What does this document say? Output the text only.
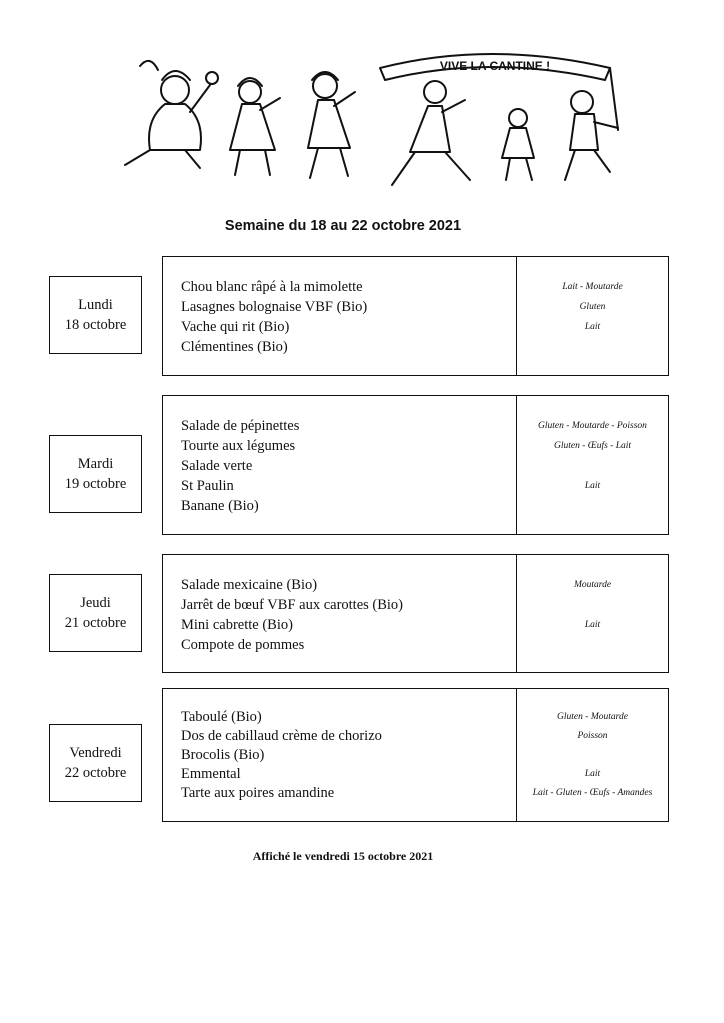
VIVE LA CANTINE !
Semaine du 18 au 22 octobre 2021
Lundi
18 octobre
Chou blanc râpé à la mimolette
Lasagnes bolognaise VBF (Bio)
Vache qui rit (Bio)
Clémentines (Bio)
Lait - Moutarde
Gluten
Lait
Mardi
19 octobre
Salade de pépinettes
Tourte aux légumes
Salade verte
St Paulin
Banane (Bio)
Gluten - Moutarde - Poisson
Gluten - Œufs - Lait
Lait
Jeudi
21 octobre
Salade mexicaine (Bio)
Jarrêt de bœuf VBF aux carottes (Bio)
Mini cabrette (Bio)
Compote de pommes
Moutarde
Lait
Vendredi
22 octobre
Taboulé (Bio)
Dos de cabillaud crème de chorizo
Brocolis (Bio)
Emmental
Tarte aux poires amandine
Gluten - Moutarde
Poisson
Lait
Lait - Gluten - Œufs - Amandes
Affiché le vendredi 15 octobre 2021
